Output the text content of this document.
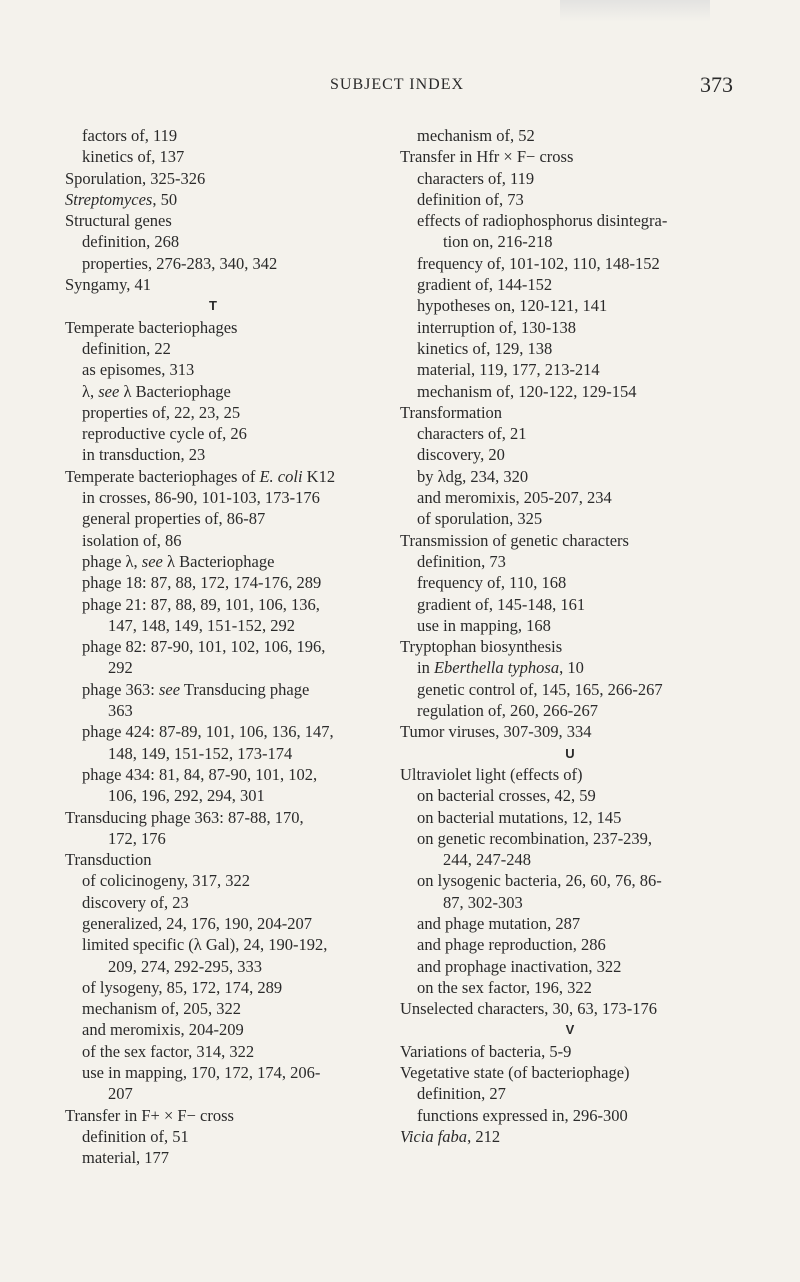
SUBJECT INDEX	373
factors of, 119
kinetics of, 137
Sporulation, 325-326
Streptomyces, 50
Structural genes
definition, 268
properties, 276-283, 340, 342
Syngamy, 41
T
Temperate bacteriophages
definition, 22
as episomes, 313
λ, see λ Bacteriophage
properties of, 22, 23, 25
reproductive cycle of, 26
in transduction, 23
Temperate bacteriophages of E. coli K12
in crosses, 86-90, 101-103, 173-176
general properties of, 86-87
isolation of, 86
phage λ, see λ Bacteriophage
phage 18: 87, 88, 172, 174-176, 289
phage 21: 87, 88, 89, 101, 106, 136,
147, 148, 149, 151-152, 292
phage 82: 87-90, 101, 102, 106, 196,
292
phage 363: see Transducing phage
363
phage 424: 87-89, 101, 106, 136, 147,
148, 149, 151-152, 173-174
phage 434: 81, 84, 87-90, 101, 102,
106, 196, 292, 294, 301
Transducing phage 363: 87-88, 170,
172, 176
Transduction
of colicinogeny, 317, 322
discovery of, 23
generalized, 24, 176, 190, 204-207
limited specific (λ Gal), 24, 190-192,
209, 274, 292-295, 333
of lysogeny, 85, 172, 174, 289
mechanism of, 205, 322
and meromixis, 204-209
of the sex factor, 314, 322
use in mapping, 170, 172, 174, 206-
207
Transfer in F+ × F− cross
definition of, 51
material, 177
mechanism of, 52
Transfer in Hfr × F− cross
characters of, 119
definition of, 73
effects of radiophosphorus disintegra-
tion on, 216-218
frequency of, 101-102, 110, 148-152
gradient of, 144-152
hypotheses on, 120-121, 141
interruption of, 130-138
kinetics of, 129, 138
material, 119, 177, 213-214
mechanism of, 120-122, 129-154
Transformation
characters of, 21
discovery, 20
by λdg, 234, 320
and meromixis, 205-207, 234
of sporulation, 325
Transmission of genetic characters
definition, 73
frequency of, 110, 168
gradient of, 145-148, 161
use in mapping, 168
Tryptophan biosynthesis
in Eberthella typhosa, 10
genetic control of, 145, 165, 266-267
regulation of, 260, 266-267
Tumor viruses, 307-309, 334
U
Ultraviolet light (effects of)
on bacterial crosses, 42, 59
on bacterial mutations, 12, 145
on genetic recombination, 237-239,
244, 247-248
on lysogenic bacteria, 26, 60, 76, 86-
87, 302-303
and phage mutation, 287
and phage reproduction, 286
and prophage inactivation, 322
on the sex factor, 196, 322
Unselected characters, 30, 63, 173-176
V
Variations of bacteria, 5-9
Vegetative state (of bacteriophage)
definition, 27
functions expressed in, 296-300
Vicia faba, 212
